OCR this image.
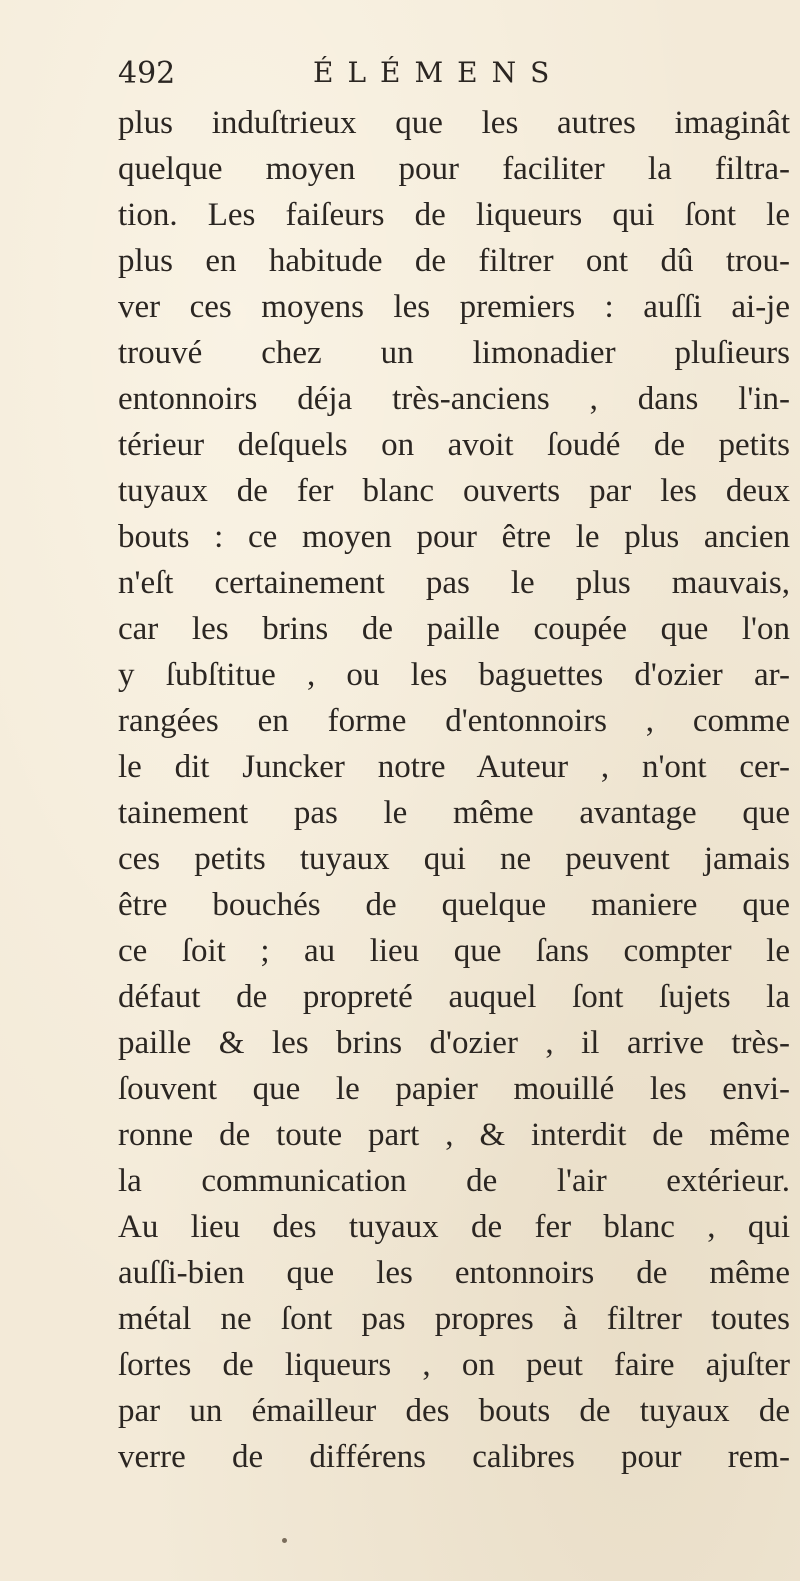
492	ÉLÉMENS
plus induſtrieux que les autres imaginât
quelque moyen pour faciliter la filtra-
tion. Les faiſeurs de liqueurs qui ſont le
plus en habitude de filtrer ont dû trou-
ver ces moyens les premiers : auſſi ai-je
trouvé chez un limonadier pluſieurs
entonnoirs déja très-anciens , dans l'in-
térieur deſquels on avoit ſoudé de petits
tuyaux de fer blanc ouverts par les deux
bouts : ce moyen pour être le plus ancien
n'eſt certainement pas le plus mauvais,
car les brins de paille coupée que l'on
y ſubſtitue , ou les baguettes d'ozier ar-
rangées en forme d'entonnoirs , comme
le dit Juncker notre Auteur , n'ont cer-
tainement pas le même avantage que
ces petits tuyaux qui ne peuvent jamais
être bouchés de quelque maniere que
ce ſoit ; au lieu que ſans compter le
défaut de propreté auquel ſont ſujets la
paille & les brins d'ozier , il arrive très-
ſouvent que le papier mouillé les envi-
ronne de toute part , & interdit de même
la communication de l'air extérieur.
Au lieu des tuyaux de fer blanc , qui
auſſi-bien que les entonnoirs de même
métal ne ſont pas propres à filtrer toutes
ſortes de liqueurs , on peut faire ajuſter
par un émailleur des bouts de tuyaux de
verre de différens calibres pour rem-
